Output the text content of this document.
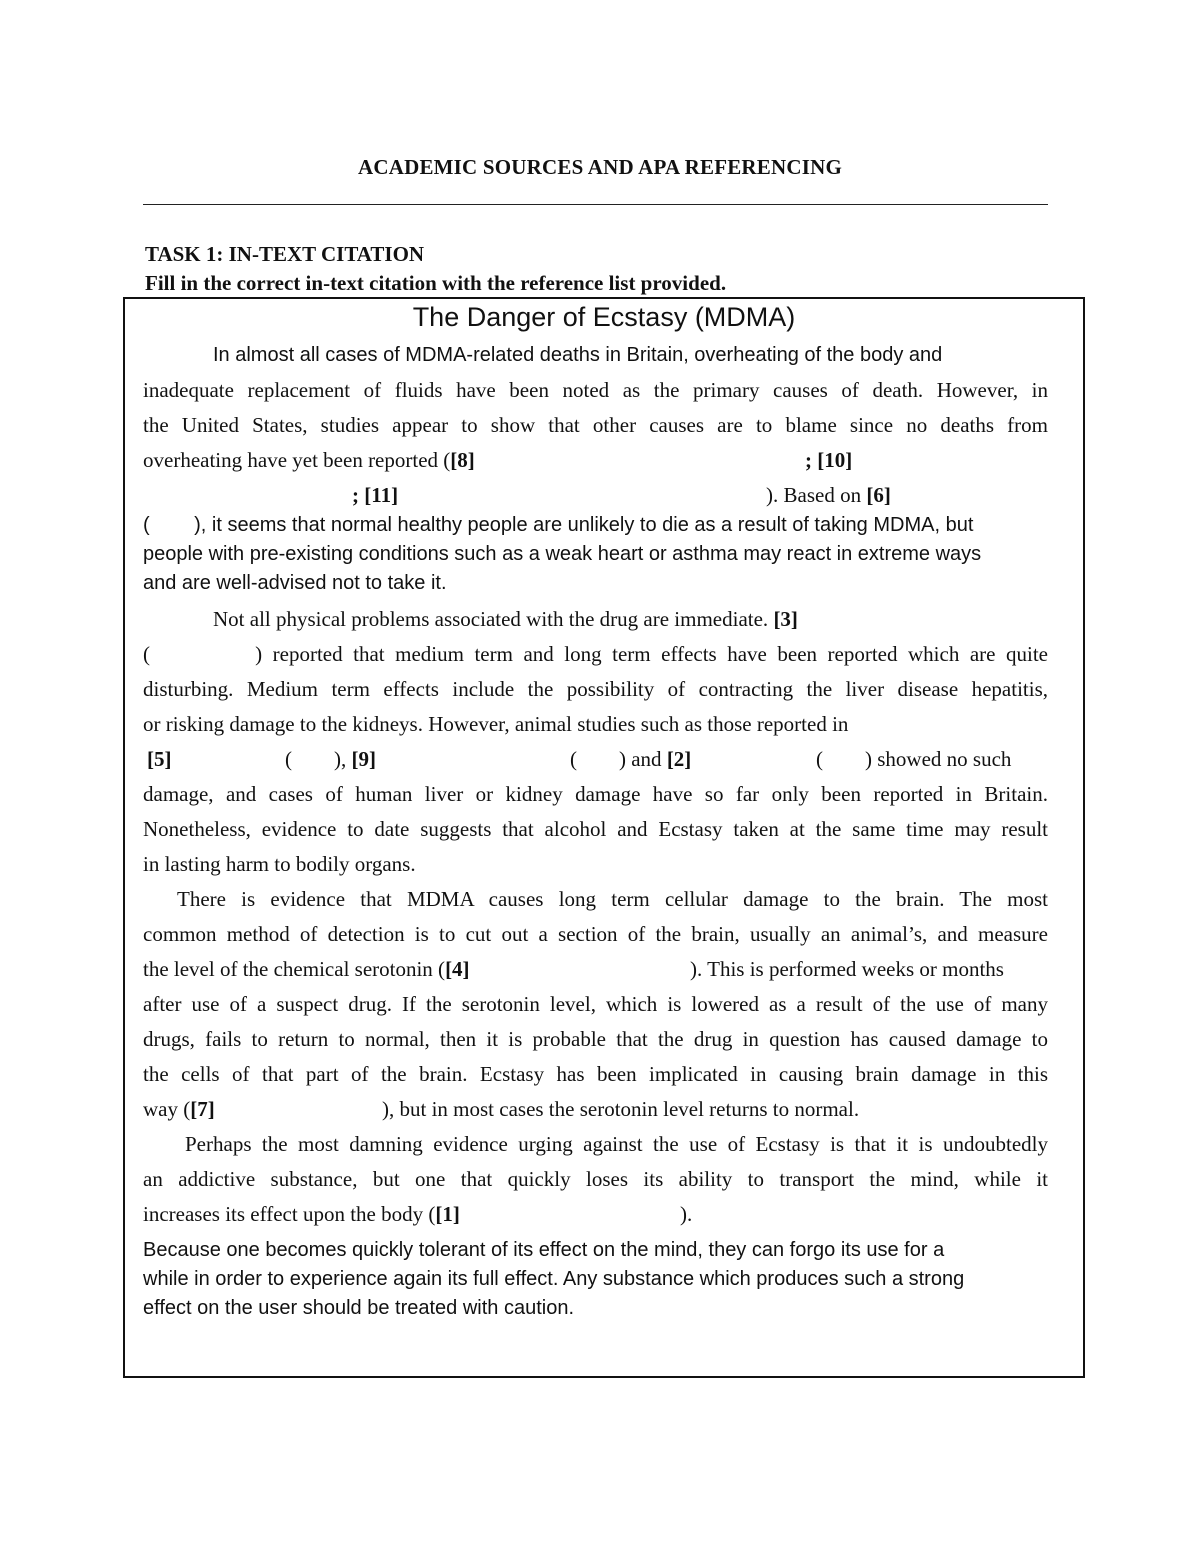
ACADEMIC SOURCES AND APA REFERENCING
TASK 1: IN-TEXT CITATION
Fill in the correct in-text citation with the reference list provided.
The Danger of Ecstasy (MDMA)
In almost all cases of MDMA-related deaths in Britain, overheating of the body and
inadequate replacement of fluids have been noted as the primary causes of death. However, in
the United States, studies appear to show that other causes are to blame since no deaths from
overheating have yet been reported ([8]	; [10]
; [11]	). Based on [6]
(        ), it seems that normal healthy people are unlikely to die as a result of taking MDMA, but
people with pre-existing conditions such as a weak heart or asthma may react in extreme ways
and are well-advised not to take it.
Not all physical problems associated with the drug are immediate. [3]
(          ) reported that medium term and long term effects have been reported which are quite
disturbing. Medium term effects include the possibility of contracting the liver disease hepatitis,
or risking damage to the kidneys. However, animal studies such as those reported in
[5]	(        ), [9]	(        ) and [2]	(        ) showed no such
damage, and cases of human liver or kidney damage have so far only been reported in Britain.
Nonetheless, evidence to date suggests that alcohol and Ecstasy taken at the same time may result
in lasting harm to bodily organs.
There is evidence that MDMA causes long term cellular damage to the brain. The most
common method of detection is to cut out a section of the brain, usually an animal’s, and measure
the level of the chemical serotonin ([4]	). This is performed weeks or months
after use of a suspect drug. If the serotonin level, which is lowered as a result of the use of many
drugs, fails to return to normal, then it is probable that the drug in question has caused damage to
the cells of that part of the brain. Ecstasy has been implicated in causing brain damage in this
way ([7]	), but in most cases the serotonin level returns to normal.
Perhaps the most damning evidence urging against the use of Ecstasy is that it is undoubtedly
an addictive substance, but one that quickly loses its ability to transport the mind, while it
increases its effect upon the body ([1]	).
Because one becomes quickly tolerant of its effect on the mind, they can forgo its use for a
while in order to experience again its full effect. Any substance which produces such a strong
effect on the user should be treated with caution.
